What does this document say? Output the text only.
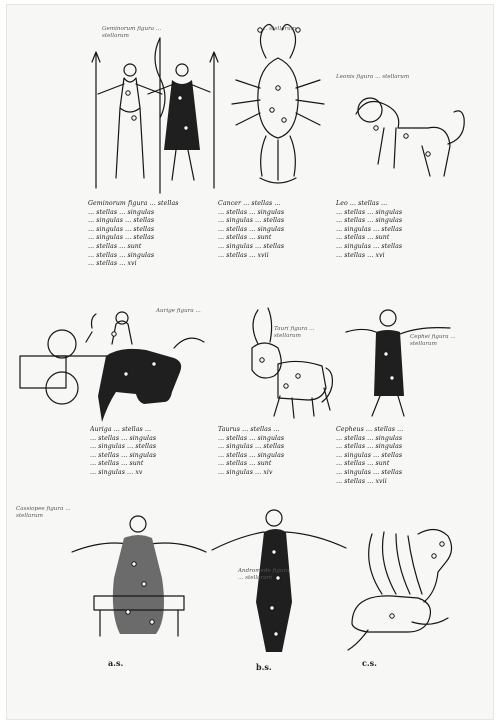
Geminorum figura ... stellarum
... stellarum
Leonis figura ... stellarum
Geminorum figura ... stellas
... stellas ... singulas
... singulas ... stellas
... singulas ... stellas
... singulas ... stellas
... stellas ... sunt
... stellas ... singulas
... stellas ... xvi
Cancer ... stellas ...
... stellas ... singulas
... singulas ... stellas
... stellas ... singulas
... stellas ... sunt
... singulas ... stellas
... stellas ... xvii
Leo ... stellas ...
... stellas ... singulas
... stellas ... singulas
... singulas ... stellas
... stellas ... sunt
... singulas ... stellas
... stellas ... xvi
Aurige figura ...
Tauri figura ... stellarum	Cephei figura ... stellarum
Auriga ... stellas ...
... stellas ... singulas
... singulas ... stellas
... stellas ... singulas
... stellas ... sunt
... singulas ... xv
Taurus ... stellas ...
... stellas ... singulas
... singulas ... stellas
... stellas ... singulas
... stellas ... sunt
... singulas ... xiv
Cepheus ... stellas ...
... stellas ... singulas
... stellas ... singulas
... singulas ... stellas
... stellas ... sunt
... singulas ... stellas
... stellas ... xvii
Cassiopee figura ... stellarum
a.s.
Andromede figura ... stellarum
b.s.	c.s.
